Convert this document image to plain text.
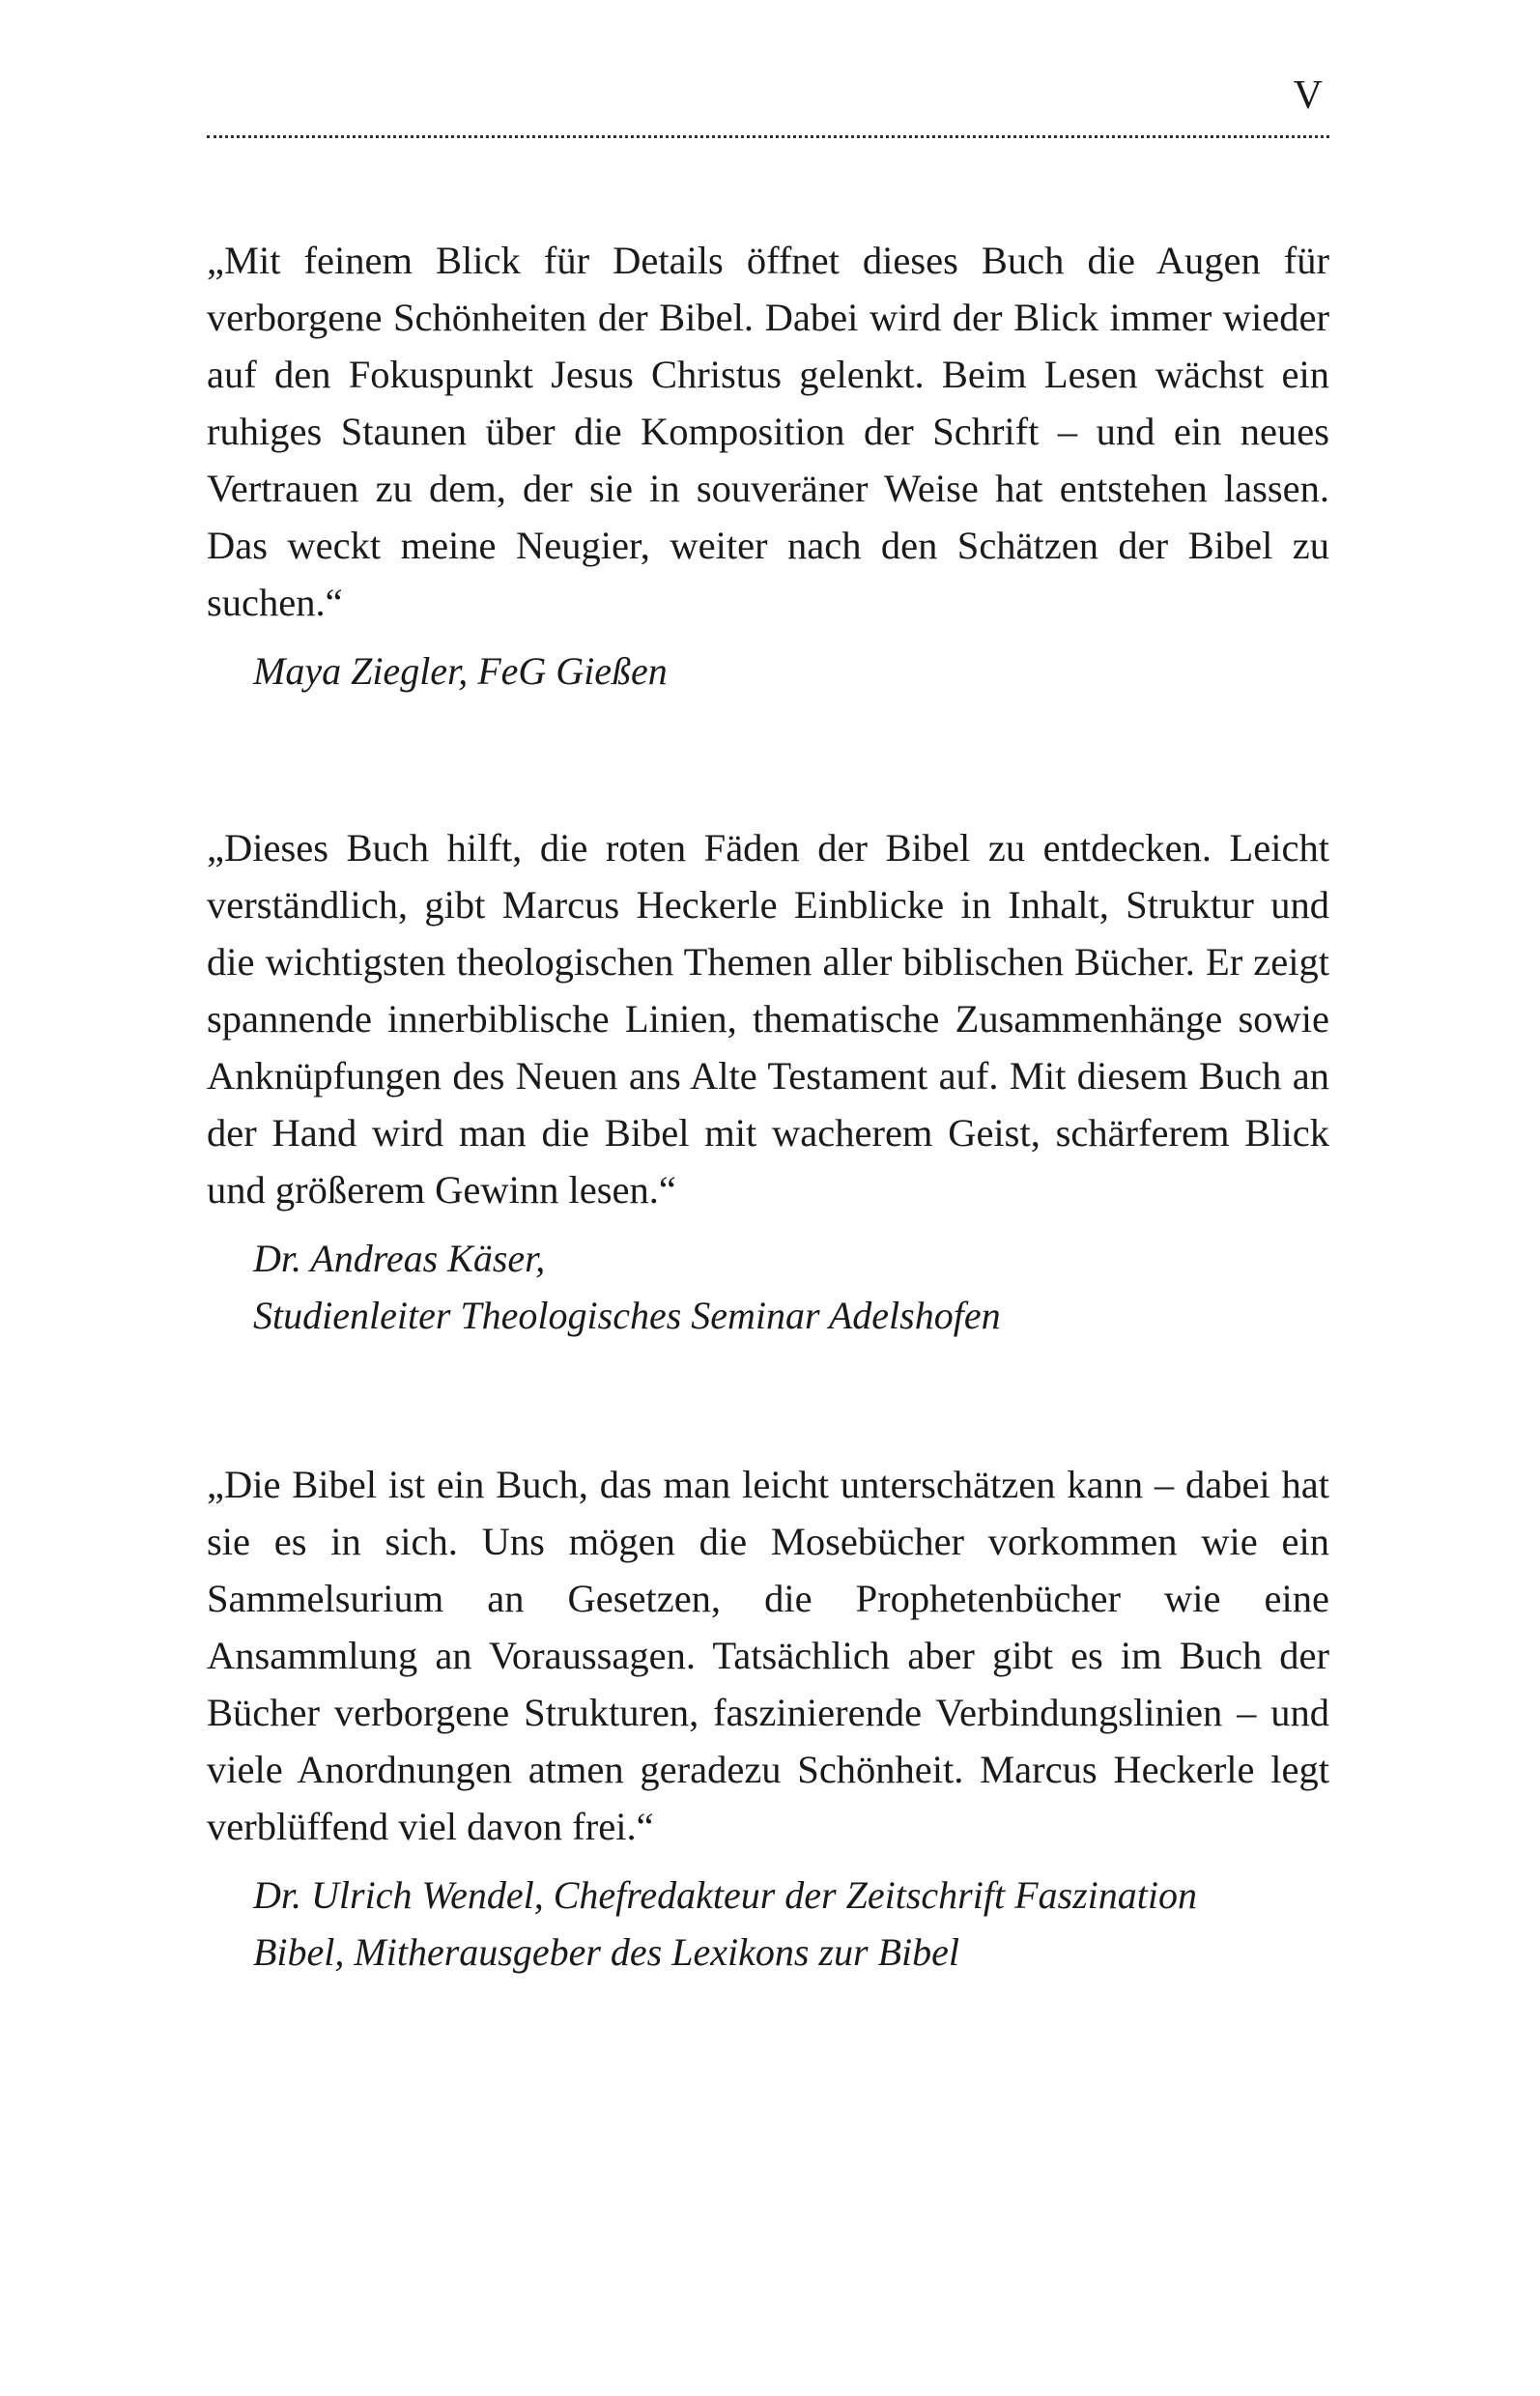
V

„Mit feinem Blick für Details öffnet dieses Buch die Augen für verborgene Schönheiten der Bibel. Dabei wird der Blick immer wieder auf den Fokuspunkt Jesus Christus gelenkt. Beim Lesen wächst ein ruhiges Staunen über die Komposition der Schrift – und ein neues Vertrauen zu dem, der sie in souveräner Weise hat entstehen lassen. Das weckt meine Neugier, weiter nach den Schätzen der Bibel zu suchen.“

Maya Ziegler, FeG Gießen

„Dieses Buch hilft, die roten Fäden der Bibel zu entdecken. Leicht verständlich, gibt Marcus Heckerle Einblicke in Inhalt, Struktur und die wichtigsten theologischen Themen aller biblischen Bücher. Er zeigt spannende innerbiblische Linien, thematische Zusammenhänge sowie Anknüpfungen des Neuen ans Alte Testament auf. Mit diesem Buch an der Hand wird man die Bibel mit wacherem Geist, schärferem Blick und größerem Gewinn lesen.“

Dr. Andreas Käser,
Studienleiter Theologisches Seminar Adelshofen

„Die Bibel ist ein Buch, das man leicht unterschätzen kann – dabei hat sie es in sich. Uns mögen die Mosebücher vorkommen wie ein Sammelsurium an Gesetzen, die Prophetenbücher wie eine Ansammlung an Voraussagen. Tatsächlich aber gibt es im Buch der Bücher verborgene Strukturen, faszinierende Verbindungslinien – und viele Anordnungen atmen geradezu Schönheit. Marcus Heckerle legt verblüffend viel davon frei.“

Dr. Ulrich Wendel, Chefredakteur der Zeitschrift Faszination
Bibel, Mitherausgeber des Lexikons zur Bibel
